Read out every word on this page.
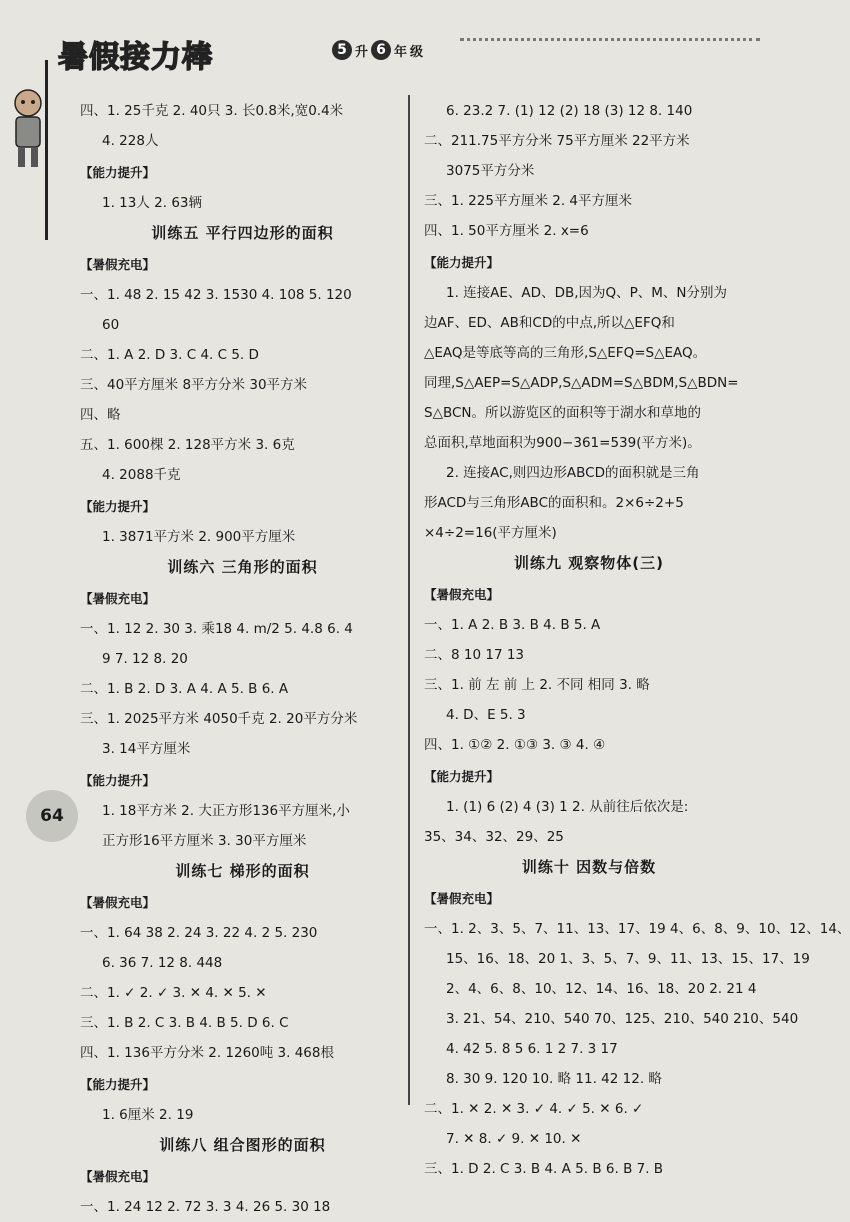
暑假接力棒	5 升 6 年 级
64
四、1. 25千克 2. 40只 3. 长0.8米,宽0.4米
4. 228人
【能力提升】
1. 13人 2. 63辆
训练五 平行四边形的面积
【暑假充电】
一、1. 48 2. 15 42 3. 1530 4. 108 5. 120
60
二、1. A 2. D 3. C 4. C 5. D
三、40平方厘米 8平方分米 30平方米
四、略
五、1. 600棵 2. 128平方米 3. 6克
4. 2088千克
【能力提升】
1. 3871平方米 2. 900平方厘米
训练六 三角形的面积
【暑假充电】
一、1. 12 2. 30 3. 乘18 4. m/2 5. 4.8 6. 4
9 7. 12 8. 20
二、1. B 2. D 3. A 4. A 5. B 6. A
三、1. 2025平方米 4050千克 2. 20平方分米
3. 14平方厘米
【能力提升】
1. 18平方米 2. 大正方形136平方厘米,小
正方形16平方厘米 3. 30平方厘米
训练七 梯形的面积
【暑假充电】
一、1. 64 38 2. 24 3. 22 4. 2 5. 230
6. 36 7. 12 8. 448
二、1. ✓ 2. ✓ 3. ✕ 4. ✕ 5. ✕
三、1. B 2. C 3. B 4. B 5. D 6. C
四、1. 136平方分米 2. 1260吨 3. 468根
【能力提升】
1. 6厘米 2. 19
训练八 组合图形的面积
【暑假充电】
一、1. 24 12 2. 72 3. 3 4. 26 5. 30 18
6. 23.2 7. (1) 12 (2) 18 (3) 12 8. 140
二、211.75平方分米 75平方厘米 22平方米
3075平方分米
三、1. 225平方厘米 2. 4平方厘米
四、1. 50平方厘米 2. x=6
【能力提升】
1. 连接AE、AD、DB,因为Q、P、M、N分别为
边AF、ED、AB和CD的中点,所以△EFQ和
△EAQ是等底等高的三角形,S△EFQ=S△EAQ。
同理,S△AEP=S△ADP,S△ADM=S△BDM,S△BDN=
S△BCN。所以游览区的面积等于湖水和草地的
总面积,草地面积为900−361=539(平方米)。
2. 连接AC,则四边形ABCD的面积就是三角
形ACD与三角形ABC的面积和。2×6÷2+5
×4÷2=16(平方厘米)
训练九 观察物体(三)
【暑假充电】
一、1. A 2. B 3. B 4. B 5. A
二、8 10 17 13
三、1. 前 左 前 上 2. 不同 相同 3. 略
4. D、E 5. 3
四、1. ①② 2. ①③ 3. ③ 4. ④
【能力提升】
1. (1) 6 (2) 4 (3) 1 2. 从前往后依次是:
35、34、32、29、25
训练十 因数与倍数
【暑假充电】
一、1. 2、3、5、7、11、13、17、19 4、6、8、9、10、12、14、
15、16、18、20 1、3、5、7、9、11、13、15、17、19
2、4、6、8、10、12、14、16、18、20 2. 21 4
3. 21、54、210、540 70、125、210、540 210、540
4. 42 5. 8 5 6. 1 2 7. 3 17
8. 30 9. 120 10. 略 11. 42 12. 略
二、1. ✕ 2. ✕ 3. ✓ 4. ✓ 5. ✕ 6. ✓
7. ✕ 8. ✓ 9. ✕ 10. ✕
三、1. D 2. C 3. B 4. A 5. B 6. B 7. B
